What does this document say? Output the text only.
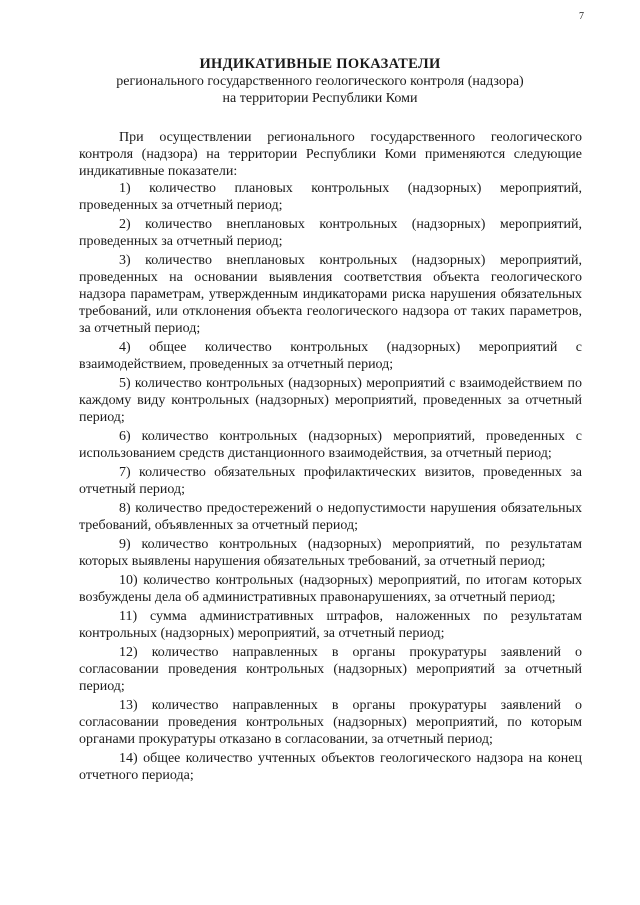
7
ИНДИКАТИВНЫЕ ПОКАЗАТЕЛИ
регионального государственного геологического контроля (надзора)
на территории Республики Коми

При осуществлении регионального государственного геологического контроля (надзора) на территории Республики Коми применяются следующие индикативные показатели:

1) количество плановых контрольных (надзорных) мероприятий, проведенных за отчетный период;

2) количество внеплановых контрольных (надзорных) мероприятий, проведенных за отчетный период;

3) количество внеплановых контрольных (надзорных) мероприятий, проведенных на основании выявления соответствия объекта геологического надзора параметрам, утвержденным индикаторами риска нарушения обязательных требований, или отклонения объекта геологического надзора от таких параметров, за отчетный период;

4) общее количество контрольных (надзорных) мероприятий с взаимодействием, проведенных за отчетный период;

5) количество контрольных (надзорных) мероприятий с взаимодействием по каждому виду контрольных (надзорных) мероприятий, проведенных за отчетный период;

6) количество контрольных (надзорных) мероприятий, проведенных с использованием средств дистанционного взаимодействия, за отчетный период;

7) количество обязательных профилактических визитов, проведенных за отчетный период;

8) количество предостережений о недопустимости нарушения обязательных требований, объявленных за отчетный период;

9) количество контрольных (надзорных) мероприятий, по результатам которых выявлены нарушения обязательных требований, за отчетный период;

10) количество контрольных (надзорных) мероприятий, по итогам которых возбуждены дела об административных правонарушениях, за отчетный период;

11) сумма административных штрафов, наложенных по результатам контрольных (надзорных) мероприятий, за отчетный период;

12) количество направленных в органы прокуратуры заявлений о согласовании проведения контрольных (надзорных) мероприятий за отчетный период;

13) количество направленных в органы прокуратуры заявлений о согласовании проведения контрольных (надзорных) мероприятий, по которым органами прокуратуры отказано в согласовании, за отчетный период;

14) общее количество учтенных объектов геологического надзора на конец отчетного периода;
